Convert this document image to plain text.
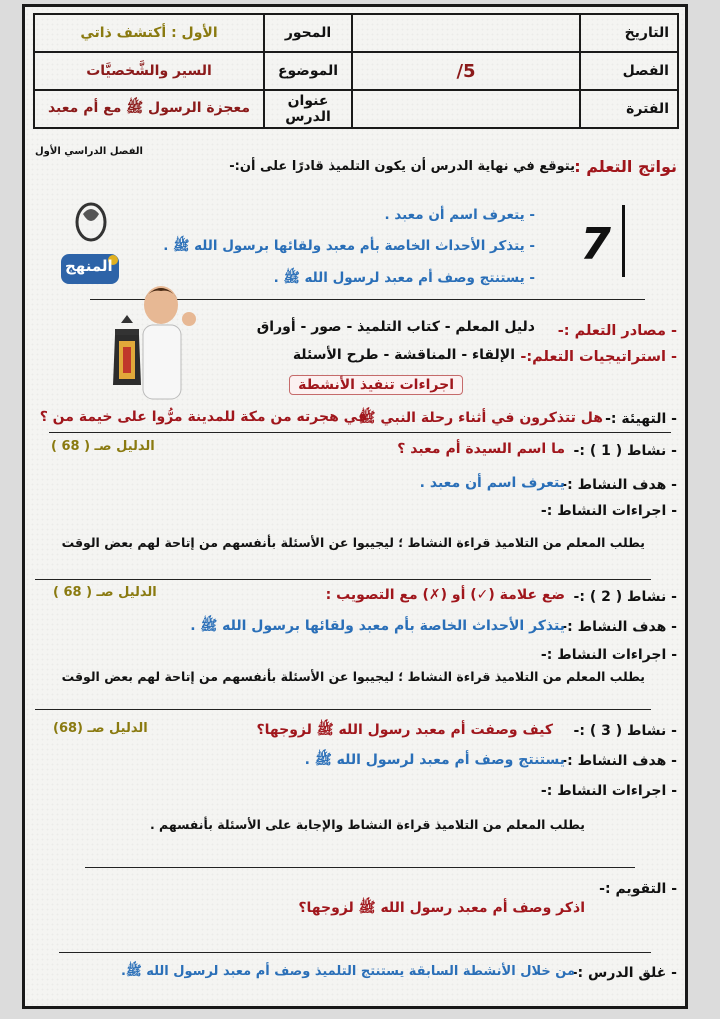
التاريخ		المحور	الأول : أكتشف ذاتي
الفصل	5/	الموضوع	السير والشَّخصيَّات
الفترة		عنوان الدرس	معجزة الرسول ﷺ مع أم معبد
الفصل الدراسي الأول
نواتج التعلم :
يتوقع في نهاية الدرس أن يكون التلميذ قادرًا على أن:-
7
- يتعرف اسم أن معبد .
- يتذكر الأحداث الخاصة بأم معبد ولقائها برسول الله ﷺ .
- يستنتج وصف أم معبد لرسول الله ﷺ .
المنهج
- مصادر التعلم :-
دليل المعلم - كتاب التلميذ - صور - أوراق
- استراتيجيات التعلم:-
الإلقاء - المناقشة - طرح الأسئلة
اجراءات تنفيذ الأنشطة
- التهيئة :-
هل تتذكرون في أثناء رحلة النبي ﷺ
في هجرته من مكة للمدينة مرُّوا على خيمة من ؟
- نشاط ( 1 ) :-
ما اسم السيدة أم معبد ؟
الدليل صـ ( 68 )
- هدف النشاط :-
يتعرف اسم أن معبد .
- اجراءات النشاط :-
يطلب المعلم من التلاميذ قراءة النشاط ؛ ليجيبوا عن الأسئلة بأنفسهم من إتاحة لهم بعض الوقت
- نشاط ( 2 ) :-
ضع علامة (✓) أو (✗) مع التصويب :
الدليل صـ ( 68 )
- هدف النشاط :-
يتذكر الأحداث الخاصة بأم معبد ولقائها برسول الله ﷺ .
- اجراءات النشاط :-
يطلب المعلم من التلاميذ قراءة النشاط ؛ ليجيبوا عن الأسئلة بأنفسهم من إتاحة لهم بعض الوقت
- نشاط ( 3 ) :-
كيف وصفت أم معبد رسول الله ﷺ لزوجها؟
الدليل صـ (68)
- هدف النشاط :-
يستنتج وصف أم معبد لرسول الله ﷺ .
- اجراءات النشاط :-
يطلب المعلم من التلاميذ قراءة النشاط والإجابة على الأسئلة بأنفسهم .
- التقويم :-
اذكر وصف أم معبد رسول الله ﷺ لزوجها؟
- غلق الدرس :-
من خلال الأنشطة السابقة يستنتج التلميذ وصف أم معبد لرسول الله ﷺ.
